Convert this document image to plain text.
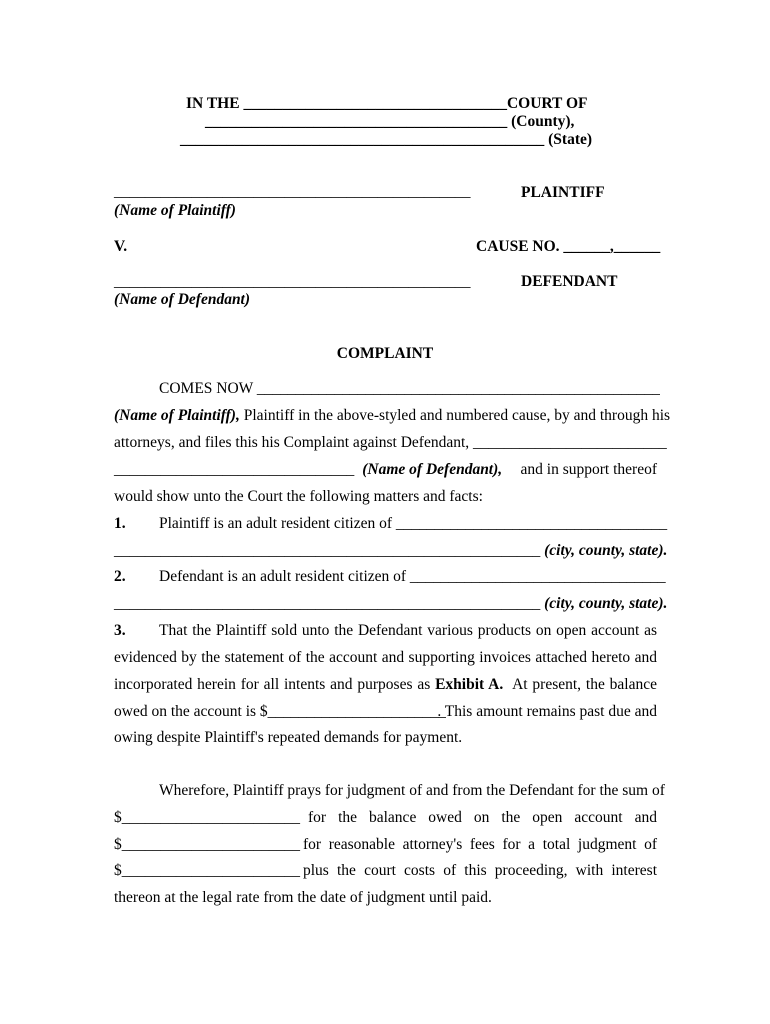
IN THE __________________________________COURT OF
_______________________________________ (County),
_______________________________________________ (State)
______________________________________________	PLAINTIFF
(Name of Plaintiff)
V.	CAUSE NO. ______,______
______________________________________________	DEFENDANT
(Name of Defendant)
COMPLAINT
COMES NOW ____________________________________________________
(Name of Plaintiff), Plaintiff in the above-styled and numbered cause, by and through his
attorneys, and files this his Complaint against Defendant, _________________________
_______________________________ (Name of Defendant), and in support thereof
would show unto the Court the following matters and facts:
1. Plaintiff is an adult resident citizen of ___________________________________
_______________________________________________________ (city, county, state).
2. Defendant is an adult resident citizen of _________________________________
_______________________________________________________ (city, county, state).
3. That the Plaintiff sold unto the Defendant various products on open account as
evidenced by the statement of the account and supporting invoices attached hereto and
incorporated herein for all intents and purposes as Exhibit A.  At present, the balance
owed on the account is $_______________________
. This amount remains past due and
owing despite Plaintiff's repeated demands for payment.
Wherefore, Plaintiff prays for judgment of and from the Defendant for the sum of
$_______________________ for the balance owed on the open account and
$_______________________ for reasonable attorney's fees for a total judgment of
$_______________________ plus the court costs of this proceeding, with interest
thereon at the legal rate from the date of judgment until paid.
